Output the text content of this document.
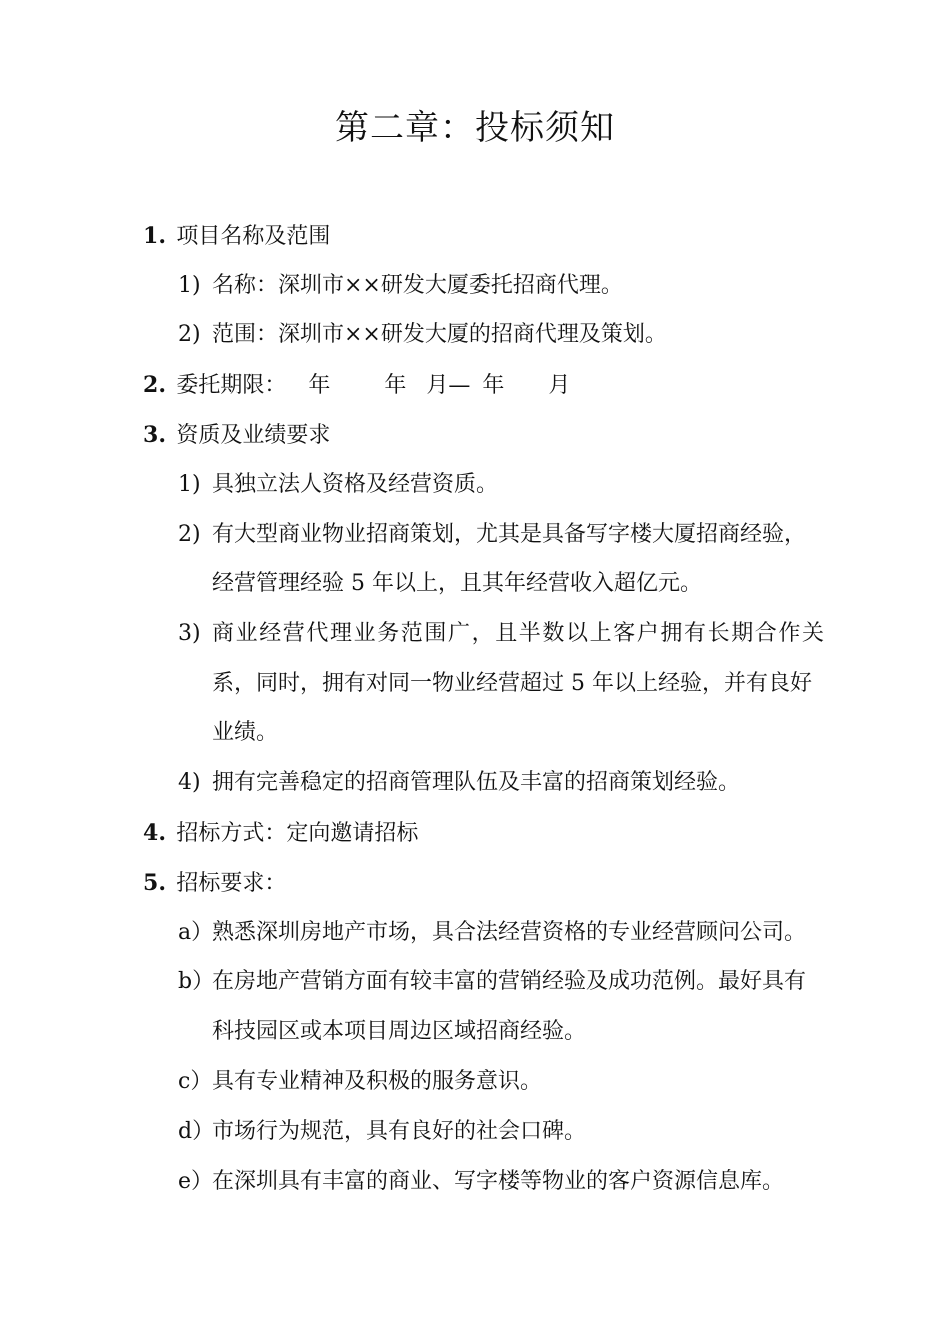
第二章：投标须知
1. 项目名称及范围
1) 名称：深圳市××研发大厦委托招商代理。
2) 范围：深圳市××研发大厦的招商代理及策划。
2. 委托期限： 年 年 月— 年 月
3. 资质及业绩要求
1) 具独立法人资格及经营资质。
2) 有大型商业物业招商策划，尤其是具备写字楼大厦招商经验，
经营管理经验 5 年以上，且其年经营收入超亿元。
3) 商业经营代理业务范围广，且半数以上客户拥有长期合作关
系，同时，拥有对同一物业经营超过 5 年以上经验，并有良好
业绩。
4) 拥有完善稳定的招商管理队伍及丰富的招商策划经验。
4. 招标方式：定向邀请招标
5. 招标要求：
a）熟悉深圳房地产市场，具合法经营资格的专业经营顾问公司。
b）在房地产营销方面有较丰富的营销经验及成功范例。最好具有
科技园区或本项目周边区域招商经验。
c）具有专业精神及积极的服务意识。
d）市场行为规范，具有良好的社会口碑。
e）在深圳具有丰富的商业、写字楼等物业的客户资源信息库。
